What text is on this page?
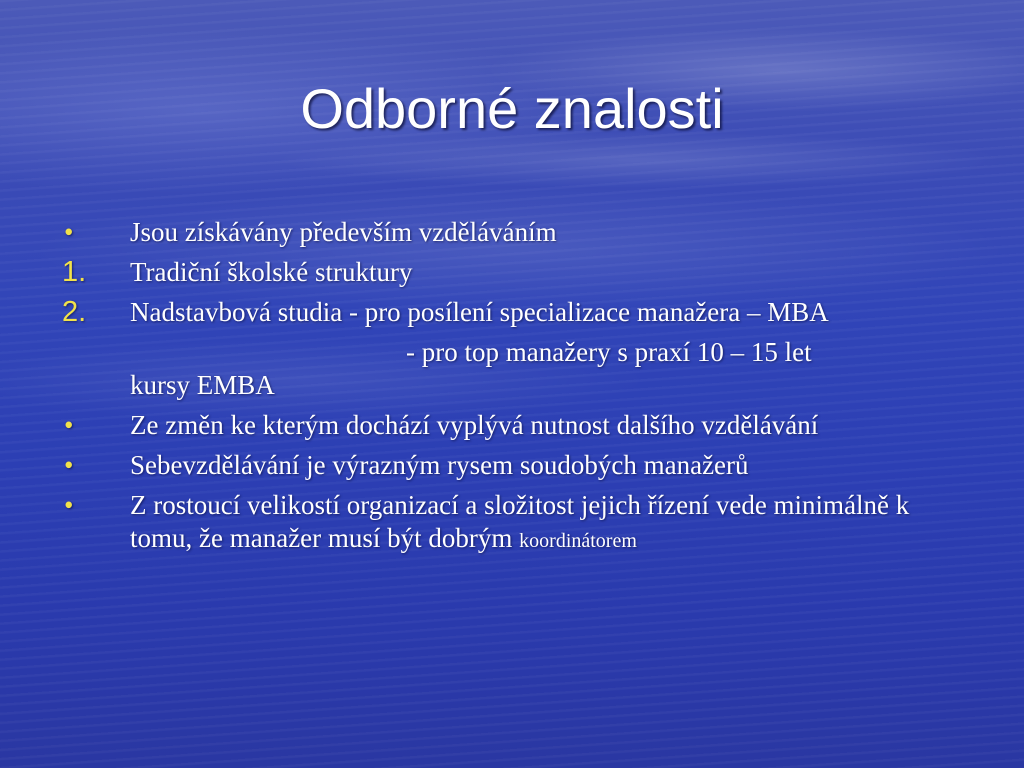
Odborné znalosti
•	Jsou získávány především vzděláváním
1.	Tradiční školské struktury
2.	Nadstavbová studia - pro posílení specializace manažera – MBA
- pro top manažery s praxí 10 – 15 let
kursy EMBA
•	Ze změn ke kterým dochází vyplývá nutnost dalšího vzdělávání
•	Sebevzdělávání je výrazným rysem soudobých manažerů
•	Z rostoucí velikostí organizací a složitost jejich řízení vede minimálně k tomu, že manažer musí být dobrým koordinátorem
